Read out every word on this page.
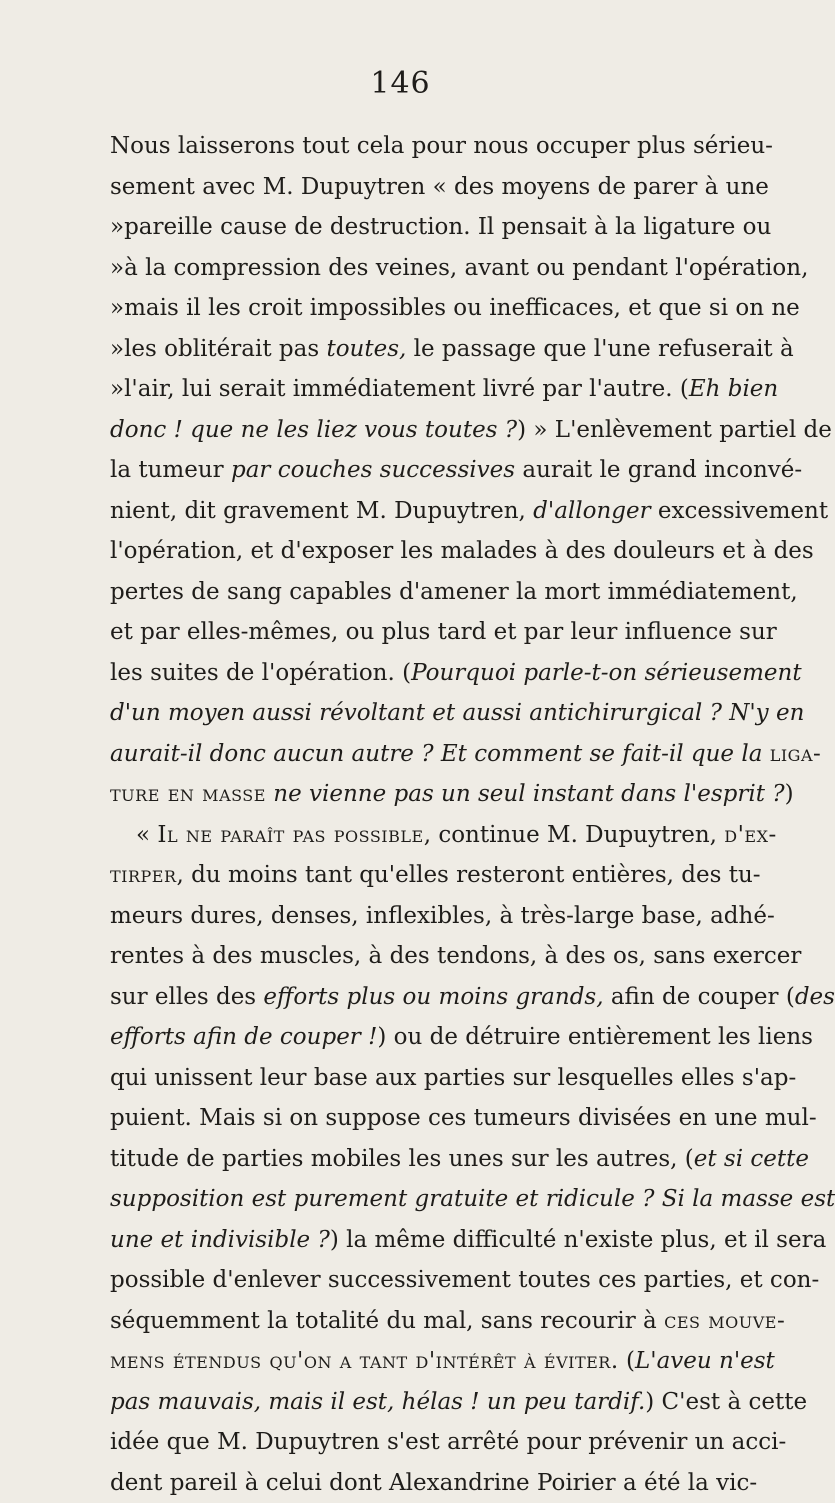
146
Nous laisserons tout cela pour nous occuper plus sérieu-
sement avec M. Dupuytren « des moyens de parer à une
»pareille cause de destruction. Il pensait à la ligature ou
»à la compression des veines, avant ou pendant l'opération,
»mais il les croit impossibles ou inefficaces, et que si on ne
»les oblitérait pas toutes, le passage que l'une refuserait à
»l'air, lui serait immédiatement livré par l'autre. (Eh bien
donc ! que ne les liez vous toutes ?) » L'enlèvement partiel de
la tumeur par couches successives aurait le grand inconvé-
nient, dit gravement M. Dupuytren, d'allonger excessivement
l'opération, et d'exposer les malades à des douleurs et à des
pertes de sang capables d'amener la mort immédiatement,
et par elles-mêmes, ou plus tard et par leur influence sur
les suites de l'opération. (Pourquoi parle-t-on sérieusement
d'un moyen aussi révoltant et aussi antichirurgical ? N'y en
aurait-il donc aucun autre ? Et comment se fait-il que la liga-
ture en masse ne vienne pas un seul instant dans l'esprit ?)
« Il ne paraît pas possible, continue M. Dupuytren, d'ex-
tirper, du moins tant qu'elles resteront entières, des tu-
meurs dures, denses, inflexibles, à très-large base, adhé-
rentes à des muscles, à des tendons, à des os, sans exercer
sur elles des efforts plus ou moins grands, afin de couper (des
efforts afin de couper !) ou de détruire entièrement les liens
qui unissent leur base aux parties sur lesquelles elles s'ap-
puient. Mais si on suppose ces tumeurs divisées en une mul-
titude de parties mobiles les unes sur les autres, (et si cette
supposition est purement gratuite et ridicule ? Si la masse est
une et indivisible ?) la même difficulté n'existe plus, et il sera
possible d'enlever successivement toutes ces parties, et con-
séquemment la totalité du mal, sans recourir à ces mouve-
mens étendus qu'on a tant d'intérêt à éviter. (L'aveu n'est
pas mauvais, mais il est, hélas ! un peu tardif.) C'est à cette
idée que M. Dupuytren s'est arrêté pour prévenir un acci-
dent pareil à celui dont Alexandrine Poirier a été la vic-
